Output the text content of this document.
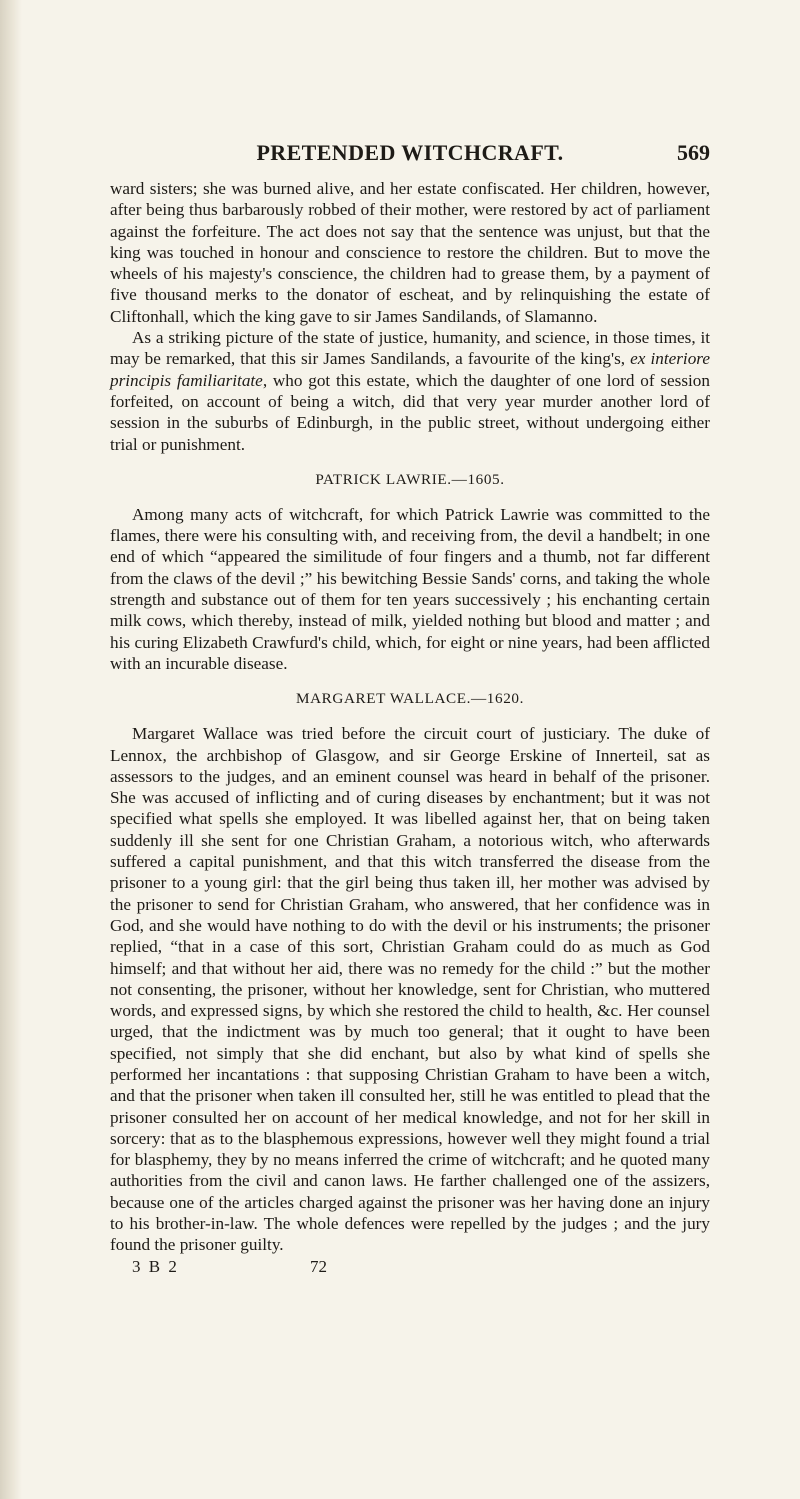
PRETENDED WITCHCRAFT.	569

ward sisters; she was burned alive, and her estate confiscated. Her children, however, after being thus barbarously robbed of their mother, were restored by act of parliament against the forfeiture. The act does not say that the sentence was unjust, but that the king was touched in honour and conscience to restore the children. But to move the wheels of his majesty's conscience, the children had to grease them, by a payment of five thousand merks to the donator of escheat, and by relinquishing the estate of Cliftonhall, which the king gave to sir James Sandilands, of Slamanno.

As a striking picture of the state of justice, humanity, and science, in those times, it may be remarked, that this sir James Sandilands, a favourite of the king's, ex interiore principis familiaritate, who got this estate, which the daughter of one lord of session forfeited, on account of being a witch, did that very year murder another lord of session in the suburbs of Edinburgh, in the public street, without undergoing either trial or punishment.

PATRICK LAWRIE.—1605.

Among many acts of witchcraft, for which Patrick Lawrie was committed to the flames, there were his consulting with, and receiving from, the devil a handbelt; in one end of which “appeared the similitude of four fingers and a thumb, not far different from the claws of the devil ;” his bewitching Bessie Sands' corns, and taking the whole strength and substance out of them for ten years successively ; his enchanting certain milk cows, which thereby, instead of milk, yielded nothing but blood and matter ; and his curing Elizabeth Crawfurd's child, which, for eight or nine years, had been afflicted with an incurable disease.

MARGARET WALLACE.—1620.

Margaret Wallace was tried before the circuit court of justiciary. The duke of Lennox, the archbishop of Glasgow, and sir George Erskine of Innerteil, sat as assessors to the judges, and an eminent counsel was heard in behalf of the prisoner. She was accused of inflicting and of curing diseases by enchantment; but it was not specified what spells she employed. It was libelled against her, that on being taken suddenly ill she sent for one Christian Graham, a notorious witch, who afterwards suffered a capital punishment, and that this witch transferred the disease from the prisoner to a young girl: that the girl being thus taken ill, her mother was advised by the prisoner to send for Christian Graham, who answered, that her confidence was in God, and she would have nothing to do with the devil or his instruments; the prisoner replied, “that in a case of this sort, Christian Graham could do as much as God himself; and that without her aid, there was no remedy for the child :” but the mother not consenting, the prisoner, without her knowledge, sent for Christian, who muttered words, and expressed signs, by which she restored the child to health, &c. Her counsel urged, that the indictment was by much too general; that it ought to have been specified, not simply that she did enchant, but also by what kind of spells she performed her incantations : that supposing Christian Graham to have been a witch, and that the prisoner when taken ill consulted her, still he was entitled to plead that the prisoner consulted her on account of her medical knowledge, and not for her skill in sorcery: that as to the blasphemous expressions, however well they might found a trial for blasphemy, they by no means inferred the crime of witchcraft; and he quoted many authorities from the civil and canon laws. He farther challenged one of the assizers, because one of the articles charged against the prisoner was her having done an injury to his brother-in-law. The whole defences were repelled by the judges ; and the jury found the prisoner guilty.

3 B 2	72
